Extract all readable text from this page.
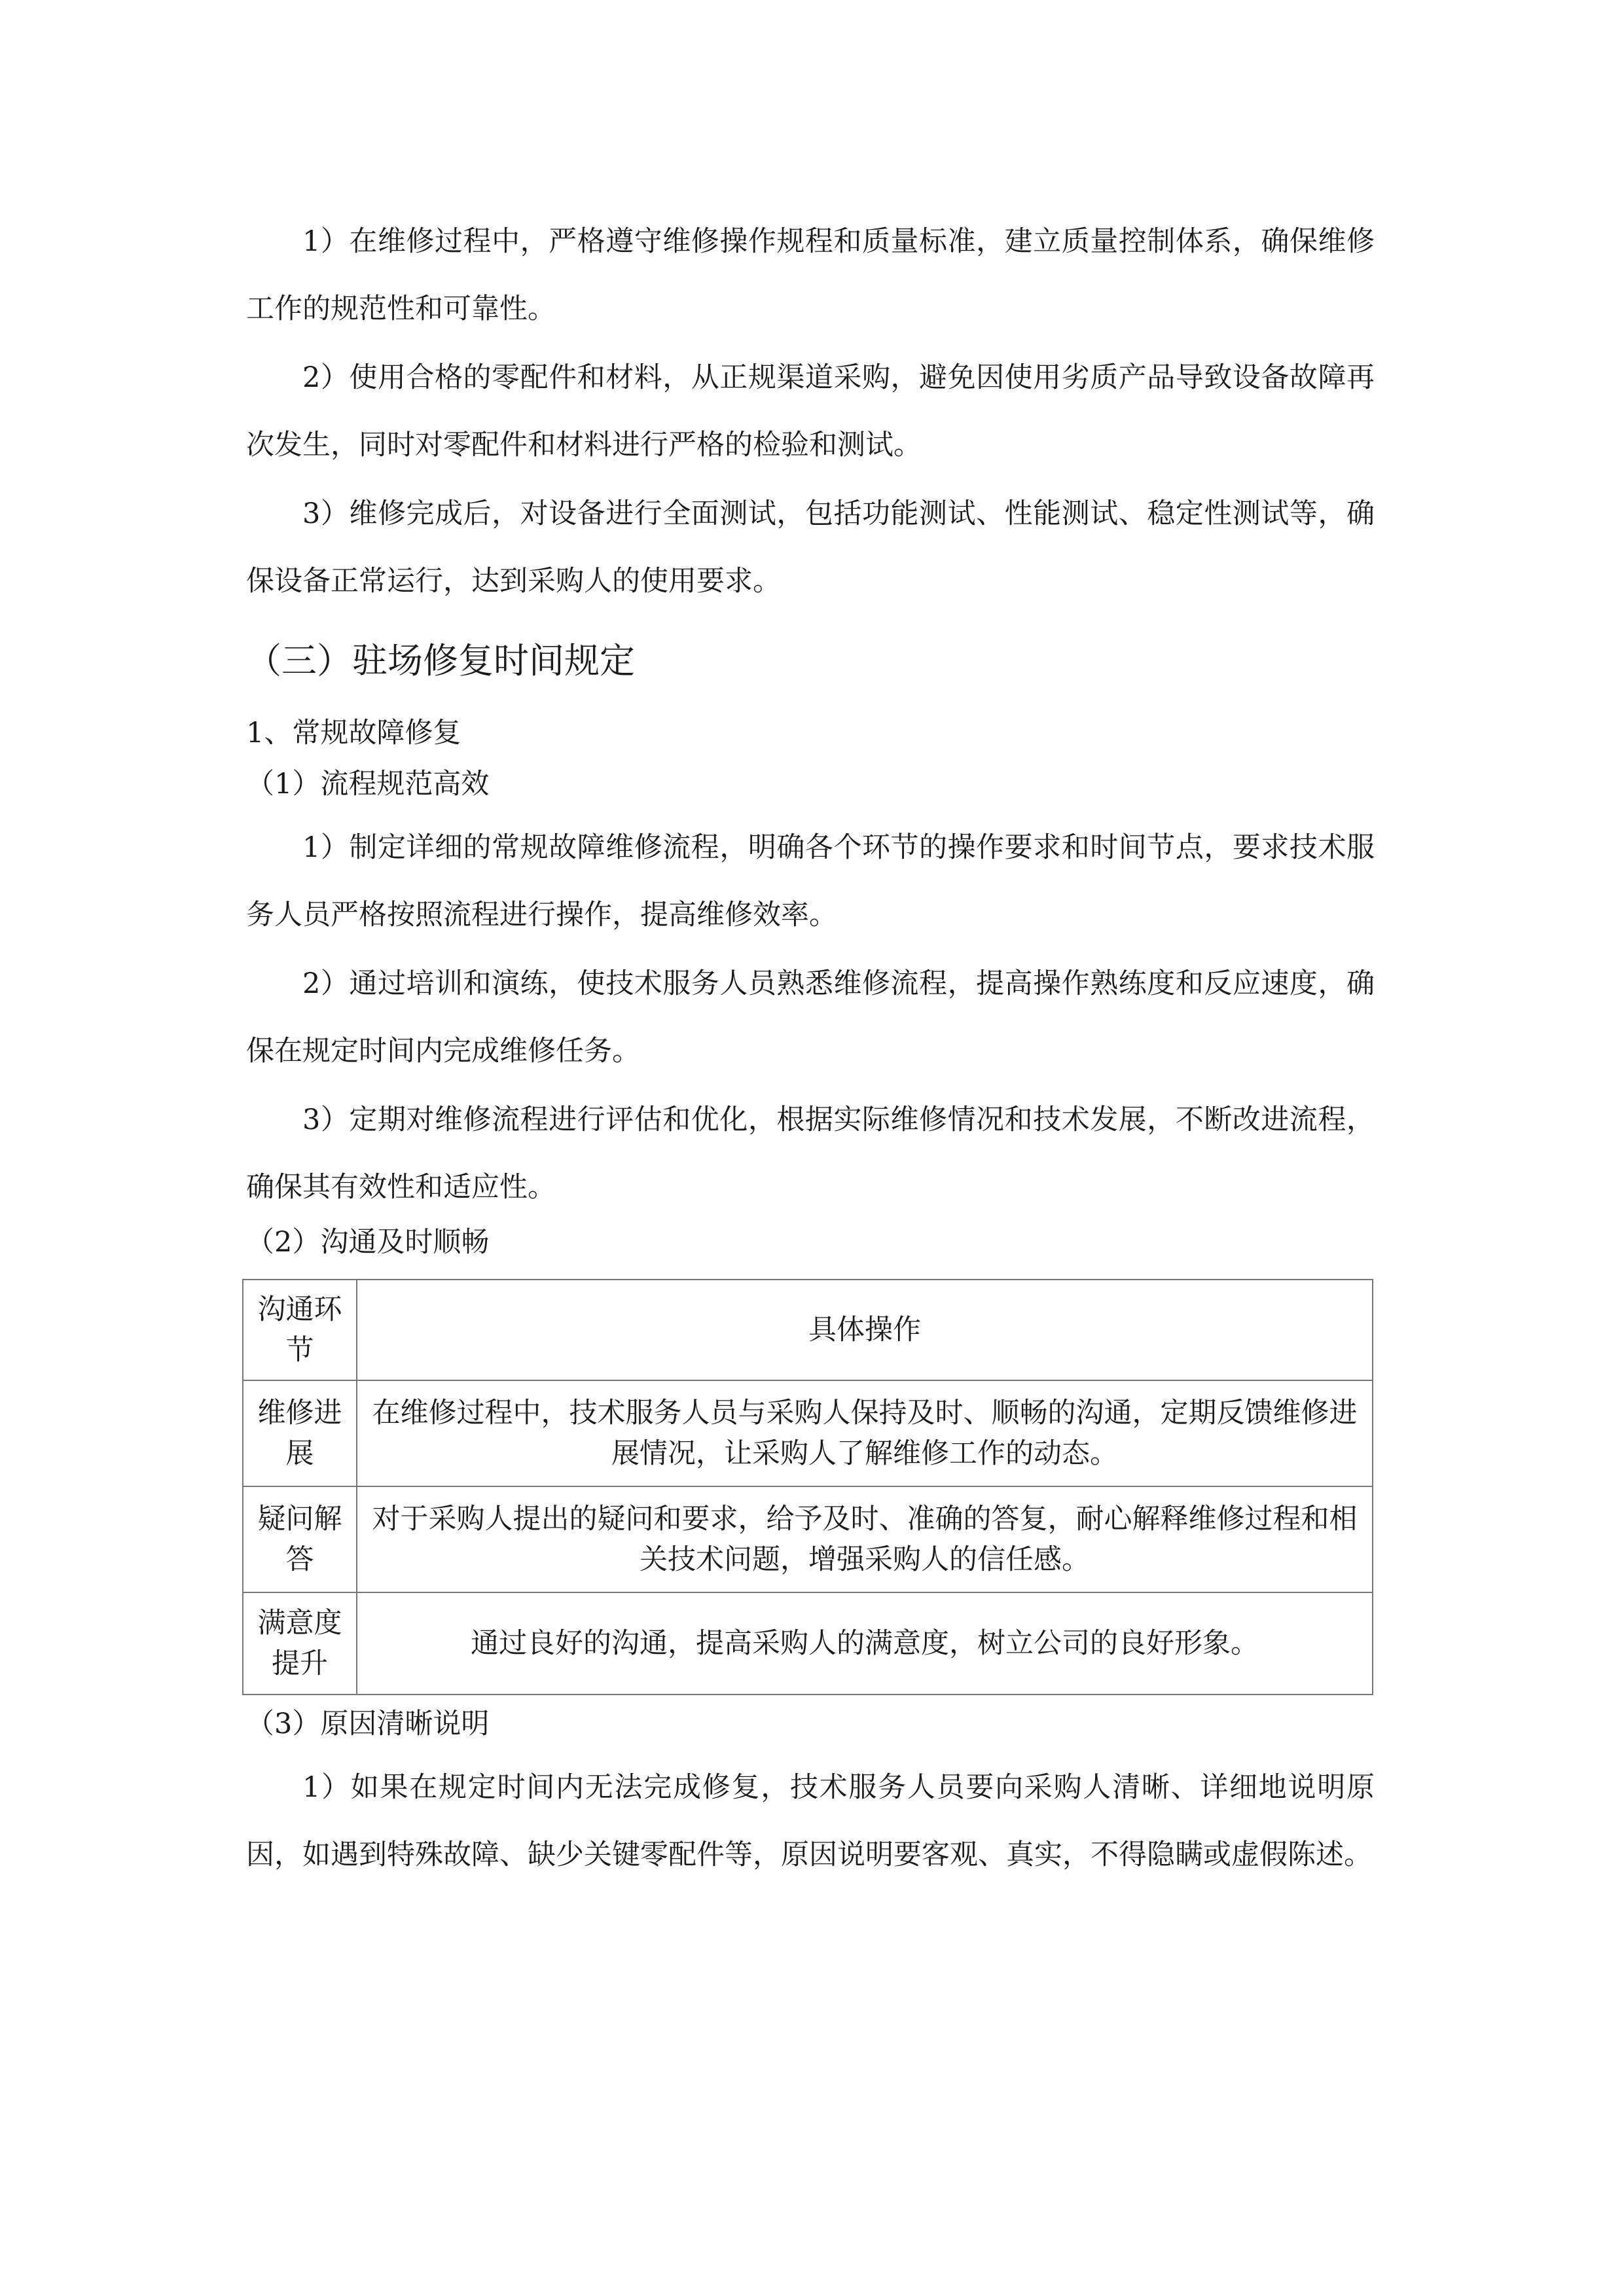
1）在维修过程中，严格遵守维修操作规程和质量标准，建立质量控制体系，确保维修工作的规范性和可靠性。

2）使用合格的零配件和材料，从正规渠道采购，避免因使用劣质产品导致设备故障再次发生，同时对零配件和材料进行严格的检验和测试。

3）维修完成后，对设备进行全面测试，包括功能测试、性能测试、稳定性测试等，确保设备正常运行，达到采购人的使用要求。

（三）驻场修复时间规定
1、常规故障修复
（1）流程规范高效

1）制定详细的常规故障维修流程，明确各个环节的操作要求和时间节点，要求技术服务人员严格按照流程进行操作，提高维修效率。

2）通过培训和演练，使技术服务人员熟悉维修流程，提高操作熟练度和反应速度，确保在规定时间内完成维修任务。

3）定期对维修流程进行评估和优化，根据实际维修情况和技术发展，不断改进流程，确保其有效性和适应性。

（2）沟通及时顺畅
沟通环节	具体操作
维修进展	在维修过程中，技术服务人员与采购人保持及时、顺畅的沟通，定期反馈维修进展情况，让采购人了解维修工作的动态。
疑问解答	对于采购人提出的疑问和要求，给予及时、准确的答复，耐心解释维修过程和相关技术问题，增强采购人的信任感。
满意度提升	通过良好的沟通，提高采购人的满意度，树立公司的良好形象。
（3）原因清晰说明

1）如果在规定时间内无法完成修复，技术服务人员要向采购人清晰、详细地说明原因，如遇到特殊故障、缺少关键零配件等，原因说明要客观、真实，不得隐瞒或虚假陈述。
